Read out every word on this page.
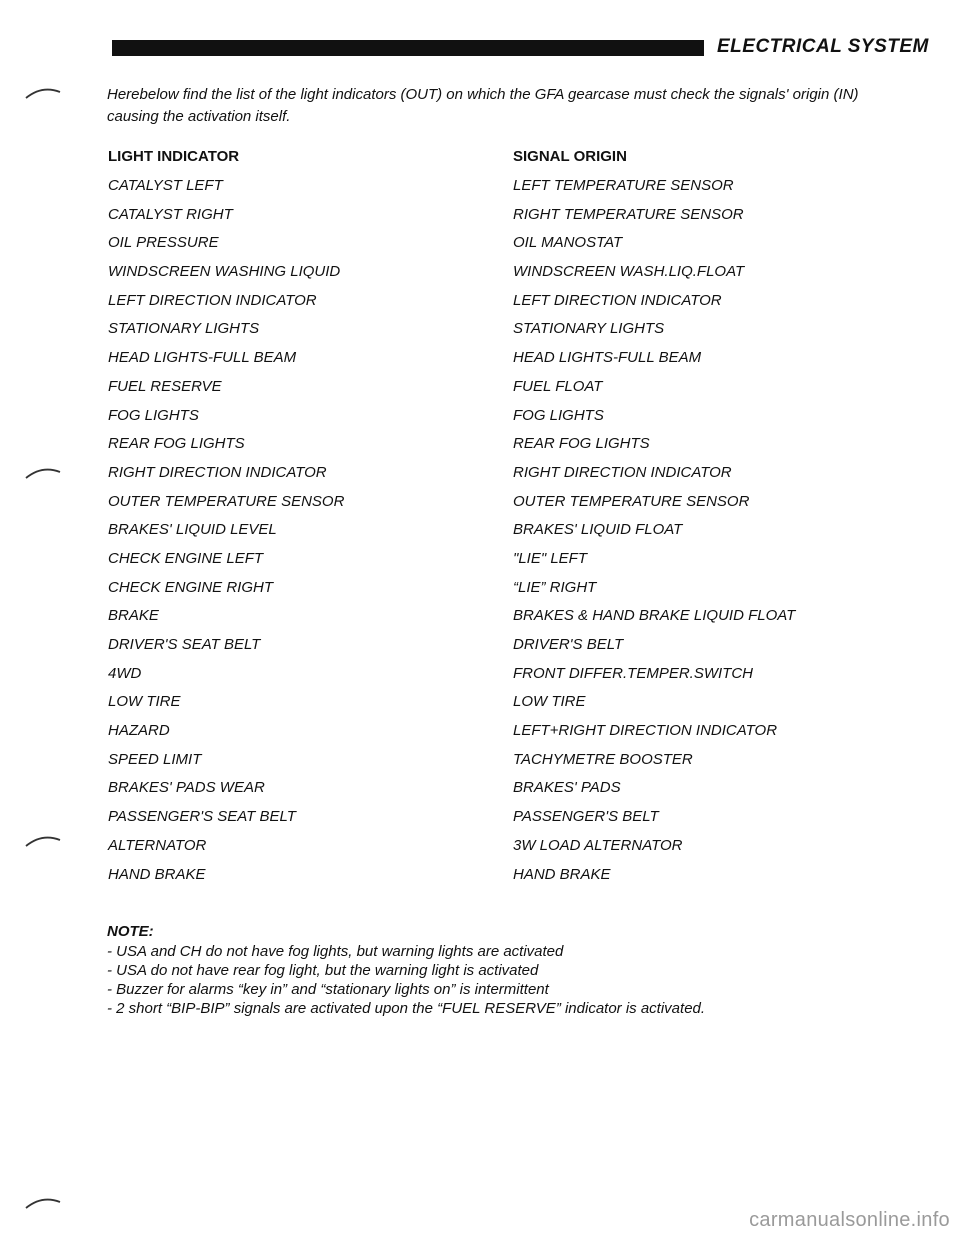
ELECTRICAL SYSTEM
Herebelow find the list of the light indicators (OUT) on which the GFA gearcase must check the signals' origin (IN) causing the activation itself.
LIGHT INDICATOR	SIGNAL ORIGIN
CATALYST LEFT
CATALYST RIGHT
OIL PRESSURE
WINDSCREEN WASHING LIQUID
LEFT DIRECTION INDICATOR
STATIONARY LIGHTS
HEAD LIGHTS-FULL BEAM
FUEL RESERVE
FOG LIGHTS
REAR FOG LIGHTS
RIGHT DIRECTION INDICATOR
OUTER TEMPERATURE SENSOR
BRAKES' LIQUID LEVEL
CHECK ENGINE LEFT
CHECK ENGINE RIGHT
BRAKE
DRIVER'S SEAT BELT
4WD
LOW TIRE
HAZARD
SPEED LIMIT
BRAKES' PADS WEAR
PASSENGER'S SEAT BELT
ALTERNATOR
HAND BRAKE
LEFT TEMPERATURE SENSOR
RIGHT TEMPERATURE SENSOR
OIL MANOSTAT
WINDSCREEN WASH.LIQ.FLOAT
LEFT DIRECTION INDICATOR
STATIONARY LIGHTS
HEAD LIGHTS-FULL BEAM
FUEL FLOAT
FOG LIGHTS
REAR FOG LIGHTS
RIGHT DIRECTION INDICATOR
OUTER TEMPERATURE SENSOR
BRAKES' LIQUID FLOAT
"LIE" LEFT
“LIE” RIGHT
BRAKES & HAND BRAKE LIQUID FLOAT
DRIVER'S BELT
FRONT DIFFER.TEMPER.SWITCH
LOW TIRE
LEFT+RIGHT DIRECTION INDICATOR
TACHYMETRE BOOSTER
BRAKES' PADS
PASSENGER'S BELT
3W LOAD ALTERNATOR
HAND BRAKE
NOTE:
- USA and CH do not have fog lights, but warning lights are activated
- USA do not have rear fog light, but the warning light is activated
- Buzzer for alarms “key in” and “stationary lights on” is intermittent
- 2 short “BIP-BIP” signals are activated upon the “FUEL RESERVE” indicator is activated.
carmanualsonline.info
